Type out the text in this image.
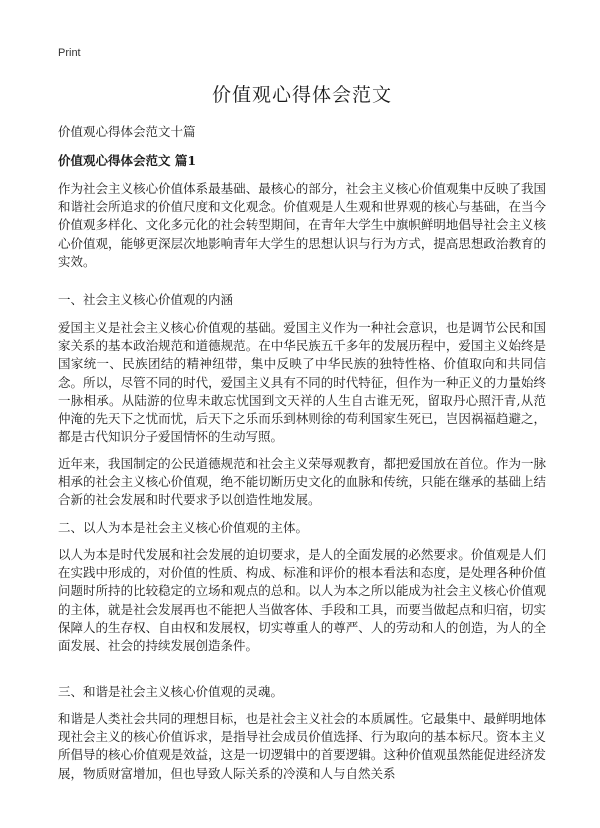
Print
价值观心得体会范文

价值观心得体会范文十篇

价值观心得体会范文 篇1

作为社会主义核心价值体系最基础、最核心的部分，社会主义核心价值观集中反映了我国和谐社会所追求的价值尺度和文化观念。价值观是人生观和世界观的核心与基础，在当今价值观多样化、文化多元化的社会转型期间，在青年大学生中旗帜鲜明地倡导社会主义核心价值观，能够更深层次地影响青年大学生的思想认识与行为方式，提高思想政治教育的实效。

一、社会主义核心价值观的内涵

爱国主义是社会主义核心价值观的基础。爱国主义作为一种社会意识，也是调节公民和国家关系的基本政治规范和道德规范。在中华民族五千多年的发展历程中，爱国主义始终是国家统一、民族团结的精神纽带，集中反映了中华民族的独特性格、价值取向和共同信念。所以，尽管不同的时代，爱国主义具有不同的时代特征，但作为一种正义的力量始终一脉相承。从陆游的位卑未敢忘忧国到文天祥的人生自古谁无死，留取丹心照汗青,从范仲淹的先天下之忧而忧，后天下之乐而乐到林则徐的苟利国家生死已，岂因祸福趋避之，都是古代知识分子爱国情怀的生动写照。

近年来，我国制定的公民道德规范和社会主义荣辱观教育，都把爱国放在首位。作为一脉相承的社会主义核心价值观，绝不能切断历史文化的血脉和传统，只能在继承的基础上结合新的社会发展和时代要求予以创造性地发展。

二、以人为本是社会主义核心价值观的主体。

以人为本是时代发展和社会发展的迫切要求，是人的全面发展的必然要求。价值观是人们在实践中形成的，对价值的性质、构成、标准和评价的根本看法和态度，是处理各种价值问题时所持的比较稳定的立场和观点的总和。以人为本之所以能成为社会主义核心价值观的主体，就是社会发展再也不能把人当做客体、手段和工具，而要当做起点和归宿，切实保障人的生存权、自由权和发展权，切实尊重人的尊严、人的劳动和人的创造，为人的全面发展、社会的持续发展创造条件。

三、和谐是社会主义核心价值观的灵魂。

和谐是人类社会共同的理想目标，也是社会主义社会的本质属性。它最集中、最鲜明地体现社会主义的核心价值诉求，是指导社会成员价值选择、行为取向的基本标尺。资本主义所倡导的核心价值观是效益，这是一切逻辑中的首要逻辑。这种价值观虽然能促进经济发展，物质财富增加，但也导致人际关系的冷漠和人与自然关系
